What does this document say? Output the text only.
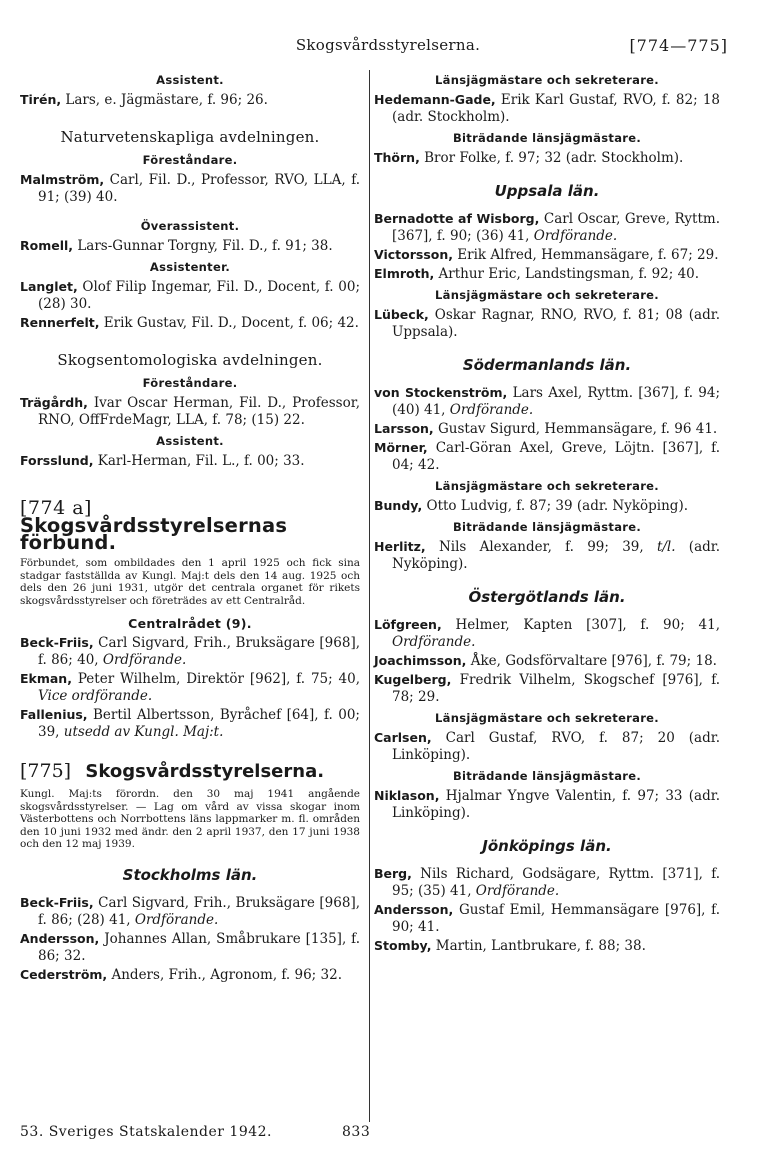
Skogsvårdsstyrelserna.	[774—775]
Assistent.

Tirén, Lars, e. Jägmästare, f. 96; 26.

Naturvetenskapliga avdelningen.
Föreståndare.

Malmström, Carl, Fil. D., Professor, RVO, LLA, f. 91; (39) 40.

Överassistent.

Romell, Lars-Gunnar Torgny, Fil. D., f. 91; 38.

Assistenter.

Langlet, Olof Filip Ingemar, Fil. D., Docent, f. 00; (28) 30.

Rennerfelt, Erik Gustav, Fil. D., Docent, f. 06; 42.

Skogsentomologiska avdelningen.
Föreståndare.

Trägårdh, Ivar Oscar Herman, Fil. D., Professor, RNO, OffFrdeMagr, LLA, f. 78; (15) 22.

Assistent.

Forsslund, Karl-Herman, Fil. L., f. 00; 33.

[774 a]
Skogsvårdsstyrelsernas förbund.

Förbundet, som ombildades den 1 april 1925 och fick sina stadgar fastställda av Kungl. Maj:t dels den 14 aug. 1925 och dels den 26 juni 1931, utgör det centrala organet för rikets skogsvårdsstyrelser och företrädes av ett Centralråd.

Centralrådet (9).

Beck-Friis, Carl Sigvard, Frih., Bruksägare [968], f. 86; 40, Ordförande.

Ekman, Peter Wilhelm, Direktör [962], f. 75; 40, Vice ordförande.

Fallenius, Bertil Albertsson, Byråchef [64], f. 00; 39, utsedd av Kungl. Maj:t.

[775] Skogsvårdsstyrelserna.

Kungl. Maj:ts förordn. den 30 maj 1941 angående skogsvårdsstyrelser. — Lag om vård av vissa skogar inom Västerbottens och Norrbottens läns lappmarker m. fl. områden den 10 juni 1932 med ändr. den 2 april 1937, den 17 juni 1938 och den 12 maj 1939.

Stockholms län.

Beck-Friis, Carl Sigvard, Frih., Bruksägare [968], f. 86; (28) 41, Ordförande.

Andersson, Johannes Allan, Småbrukare [135], f. 86; 32.

Cederström, Anders, Frih., Agronom, f. 96; 32.

Länsjägmästare och sekreterare.

Hedemann-Gade, Erik Karl Gustaf, RVO, f. 82; 18 (adr. Stockholm).

Biträdande länsjägmästare.

Thörn, Bror Folke, f. 97; 32 (adr. Stockholm).

Uppsala län.

Bernadotte af Wisborg, Carl Oscar, Greve, Ryttm. [367], f. 90; (36) 41, Ordförande.

Victorsson, Erik Alfred, Hemmansägare, f. 67; 29.

Elmroth, Arthur Eric, Landstingsman, f. 92; 40.

Länsjägmästare och sekreterare.

Lübeck, Oskar Ragnar, RNO, RVO, f. 81; 08 (adr. Uppsala).

Södermanlands län.

von Stockenström, Lars Axel, Ryttm. [367], f. 94; (40) 41, Ordförande.

Larsson, Gustav Sigurd, Hemmansägare, f. 96 41.

Mörner, Carl-Göran Axel, Greve, Löjtn. [367], f. 04; 42.

Länsjägmästare och sekreterare.

Bundy, Otto Ludvig, f. 87; 39 (adr. Nyköping).

Biträdande länsjägmästare.

Herlitz, Nils Alexander, f. 99; 39, t/l. (adr. Nyköping).

Östergötlands län.

Löfgreen, Helmer, Kapten [307], f. 90; 41, Ordförande.

Joachimsson, Åke, Godsförvaltare [976], f. 79; 18.

Kugelberg, Fredrik Vilhelm, Skogschef [976], f. 78; 29.

Länsjägmästare och sekreterare.

Carlsen, Carl Gustaf, RVO, f. 87; 20 (adr. Linköping).

Biträdande länsjägmästare.

Niklason, Hjalmar Yngve Valentin, f. 97; 33 (adr. Linköping).

Jönköpings län.

Berg, Nils Richard, Godsägare, Ryttm. [371], f. 95; (35) 41, Ordförande.

Andersson, Gustaf Emil, Hemmansägare [976], f. 90; 41.

Stomby, Martin, Lantbrukare, f. 88; 38.

53. Sveriges Statskalender 1942.	833
